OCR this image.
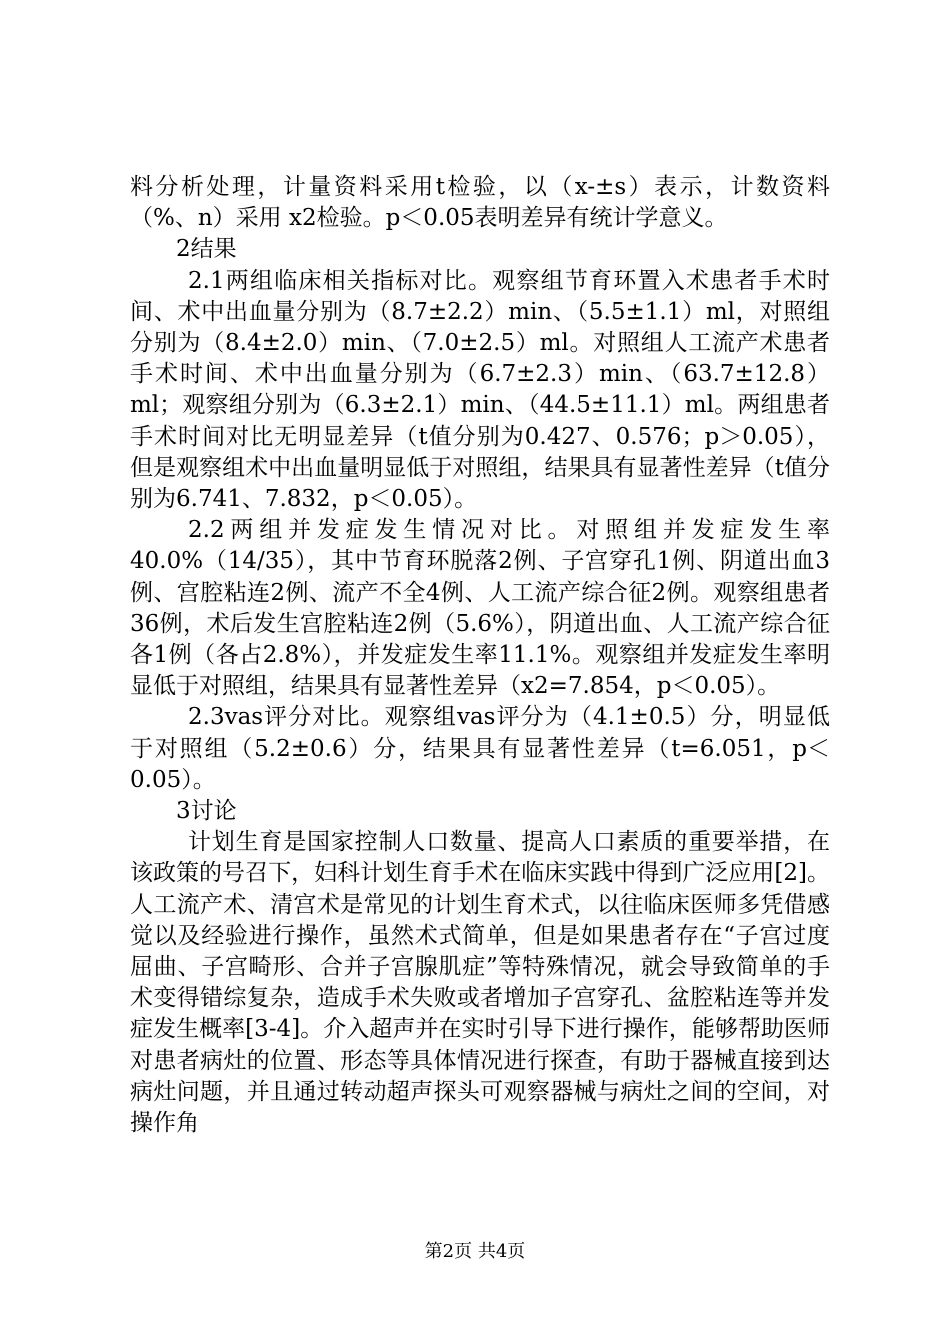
料分析处理，计量资料采用t检验，以（x-±s）表示，计数资料（%、n）采用 x2检验。p＜0.05表明差异有统计学意义。

2结果

2.1两组临床相关指标对比。观察组节育环置入术患者手术时间、术中出血量分别为（8.7±2.2）min、（5.5±1.1）ml，对照组分别为（8.4±2.0）min、（7.0±2.5）ml。对照组人工流产术患者手术时间、术中出血量分别为（6.7±2.3）min、（63.7±12.8）ml；观察组分别为（6.3±2.1）min、（44.5±11.1）ml。两组患者手术时间对比无明显差异（t值分别为0.427、0.576；p＞0.05），但是观察组术中出血量明显低于对照组，结果具有显著性差异（t值分别为6.741、7.832，p＜0.05）。

2.2两组并发症发生情况对比。对照组并发症发生率40.0%（14/35），其中节育环脱落2例、子宫穿孔1例、阴道出血3例、宫腔粘连2例、流产不全4例、人工流产综合征2例。观察组患者36例，术后发生宫腔粘连2例（5.6%），阴道出血、人工流产综合征各1例（各占2.8%），并发症发生率11.1%。观察组并发症发生率明显低于对照组，结果具有显著性差异（x2=7.854，p＜0.05）。

2.3vas评分对比。观察组vas评分为（4.1±0.5）分，明显低于对照组（5.2±0.6）分，结果具有显著性差异（t=6.051，p＜0.05）。

3讨论

计划生育是国家控制人口数量、提高人口素质的重要举措，在该政策的号召下，妇科计划生育手术在临床实践中得到广泛应用[2]。人工流产术、清宫术是常见的计划生育术式，以往临床医师多凭借感觉以及经验进行操作，虽然术式简单，但是如果患者存在“子宫过度屈曲、子宫畸形、合并子宫腺肌症”等特殊情况，就会导致简单的手术变得错综复杂，造成手术失败或者增加子宫穿孔、盆腔粘连等并发症发生概率[3-4]。介入超声并在实时引导下进行操作，能够帮助医师对患者病灶的位置、形态等具体情况进行探查，有助于器械直接到达病灶问题，并且通过转动超声探头可观察器械与病灶之间的空间，对操作角

第2页 共4页
